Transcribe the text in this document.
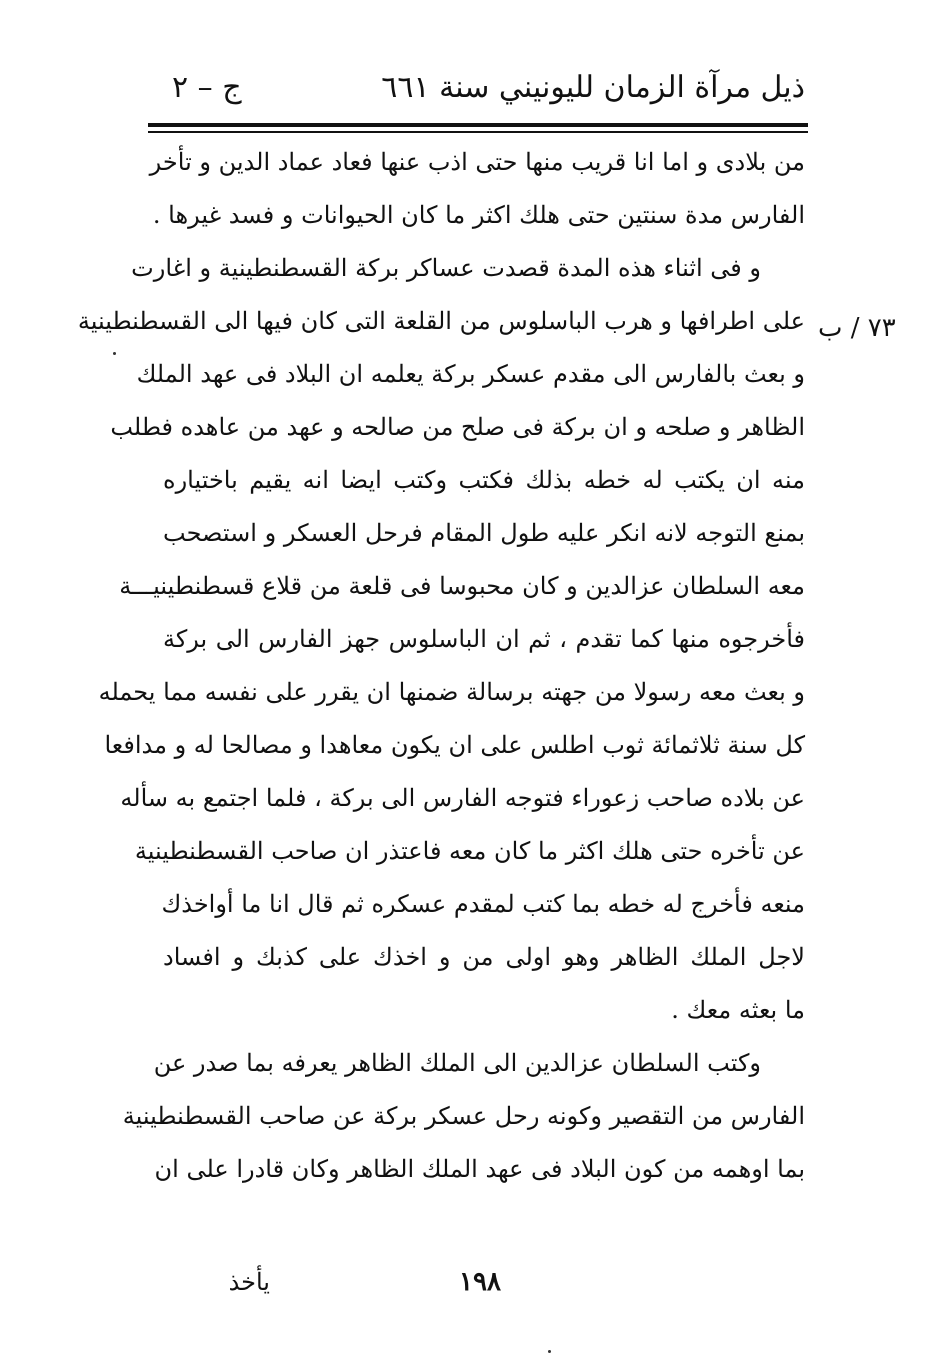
ذيل مرآة الزمان لليونيني سنة ٦٦١
ج – ٢
٧٣ / ب
من بلادى و اما انا قريب منها حتى اذب عنها فعاد عماد الدين و تأخر
الفارس مدة سنتين حتى هلك اكثر ما كان الحيوانات و فسد غيرها .
و فى اثناء هذه المدة قصدت عساكر بركة القسطنطينية و اغارت
على اطرافها و هرب الباسلوس من القلعة التى كان فيها الى القسطنطينية
و بعث بالفارس الى مقدم عسكر بركة يعلمه ان البلاد فى عهد الملك
الظاهر و صلحه و ان بركة فى صلح من صالحه و عهد من عاهده فطلب
منه ان يكتب له خطه بذلك فكتب وكتب ايضا انه يقيم باختياره
بمنع التوجه لانه انكر عليه طول المقام فرحل العسكر و استصحب
معه السلطان عزالدين و كان محبوسا فى قلعة من قلاع قسطنطينيـــة
فأخرجوه منها كما تقدم ، ثم ان الباسلوس جهز الفارس الى بركة
و بعث معه رسولا من جهته برسالة ضمنها ان يقرر على نفسه مما يحمله
كل سنة ثلاثمائة ثوب اطلس على ان يكون معاهدا و مصالحا له و مدافعا
عن بلاده صاحب زعوراء فتوجه الفارس الى بركة ، فلما اجتمع به سأله
عن تأخره حتى هلك اكثر ما كان معه فاعتذر ان صاحب القسطنطينية
منعه فأخرج له خطه بما كتب لمقدم عسكره ثم قال انا ما أواخذك
لاجل الملك الظاهر وهو اولى من و اخذك على كذبك و افساد
ما بعثه معك .
وكتب السلطان عزالدين الى الملك الظاهر يعرفه بما صدر عن
الفارس من التقصير وكونه رحل عسكر بركة عن صاحب القسطنطينية
بما اوهمه من كون البلاد فى عهد الملك الظاهر وكان قادرا على ان
١٩٨
يأخذ
